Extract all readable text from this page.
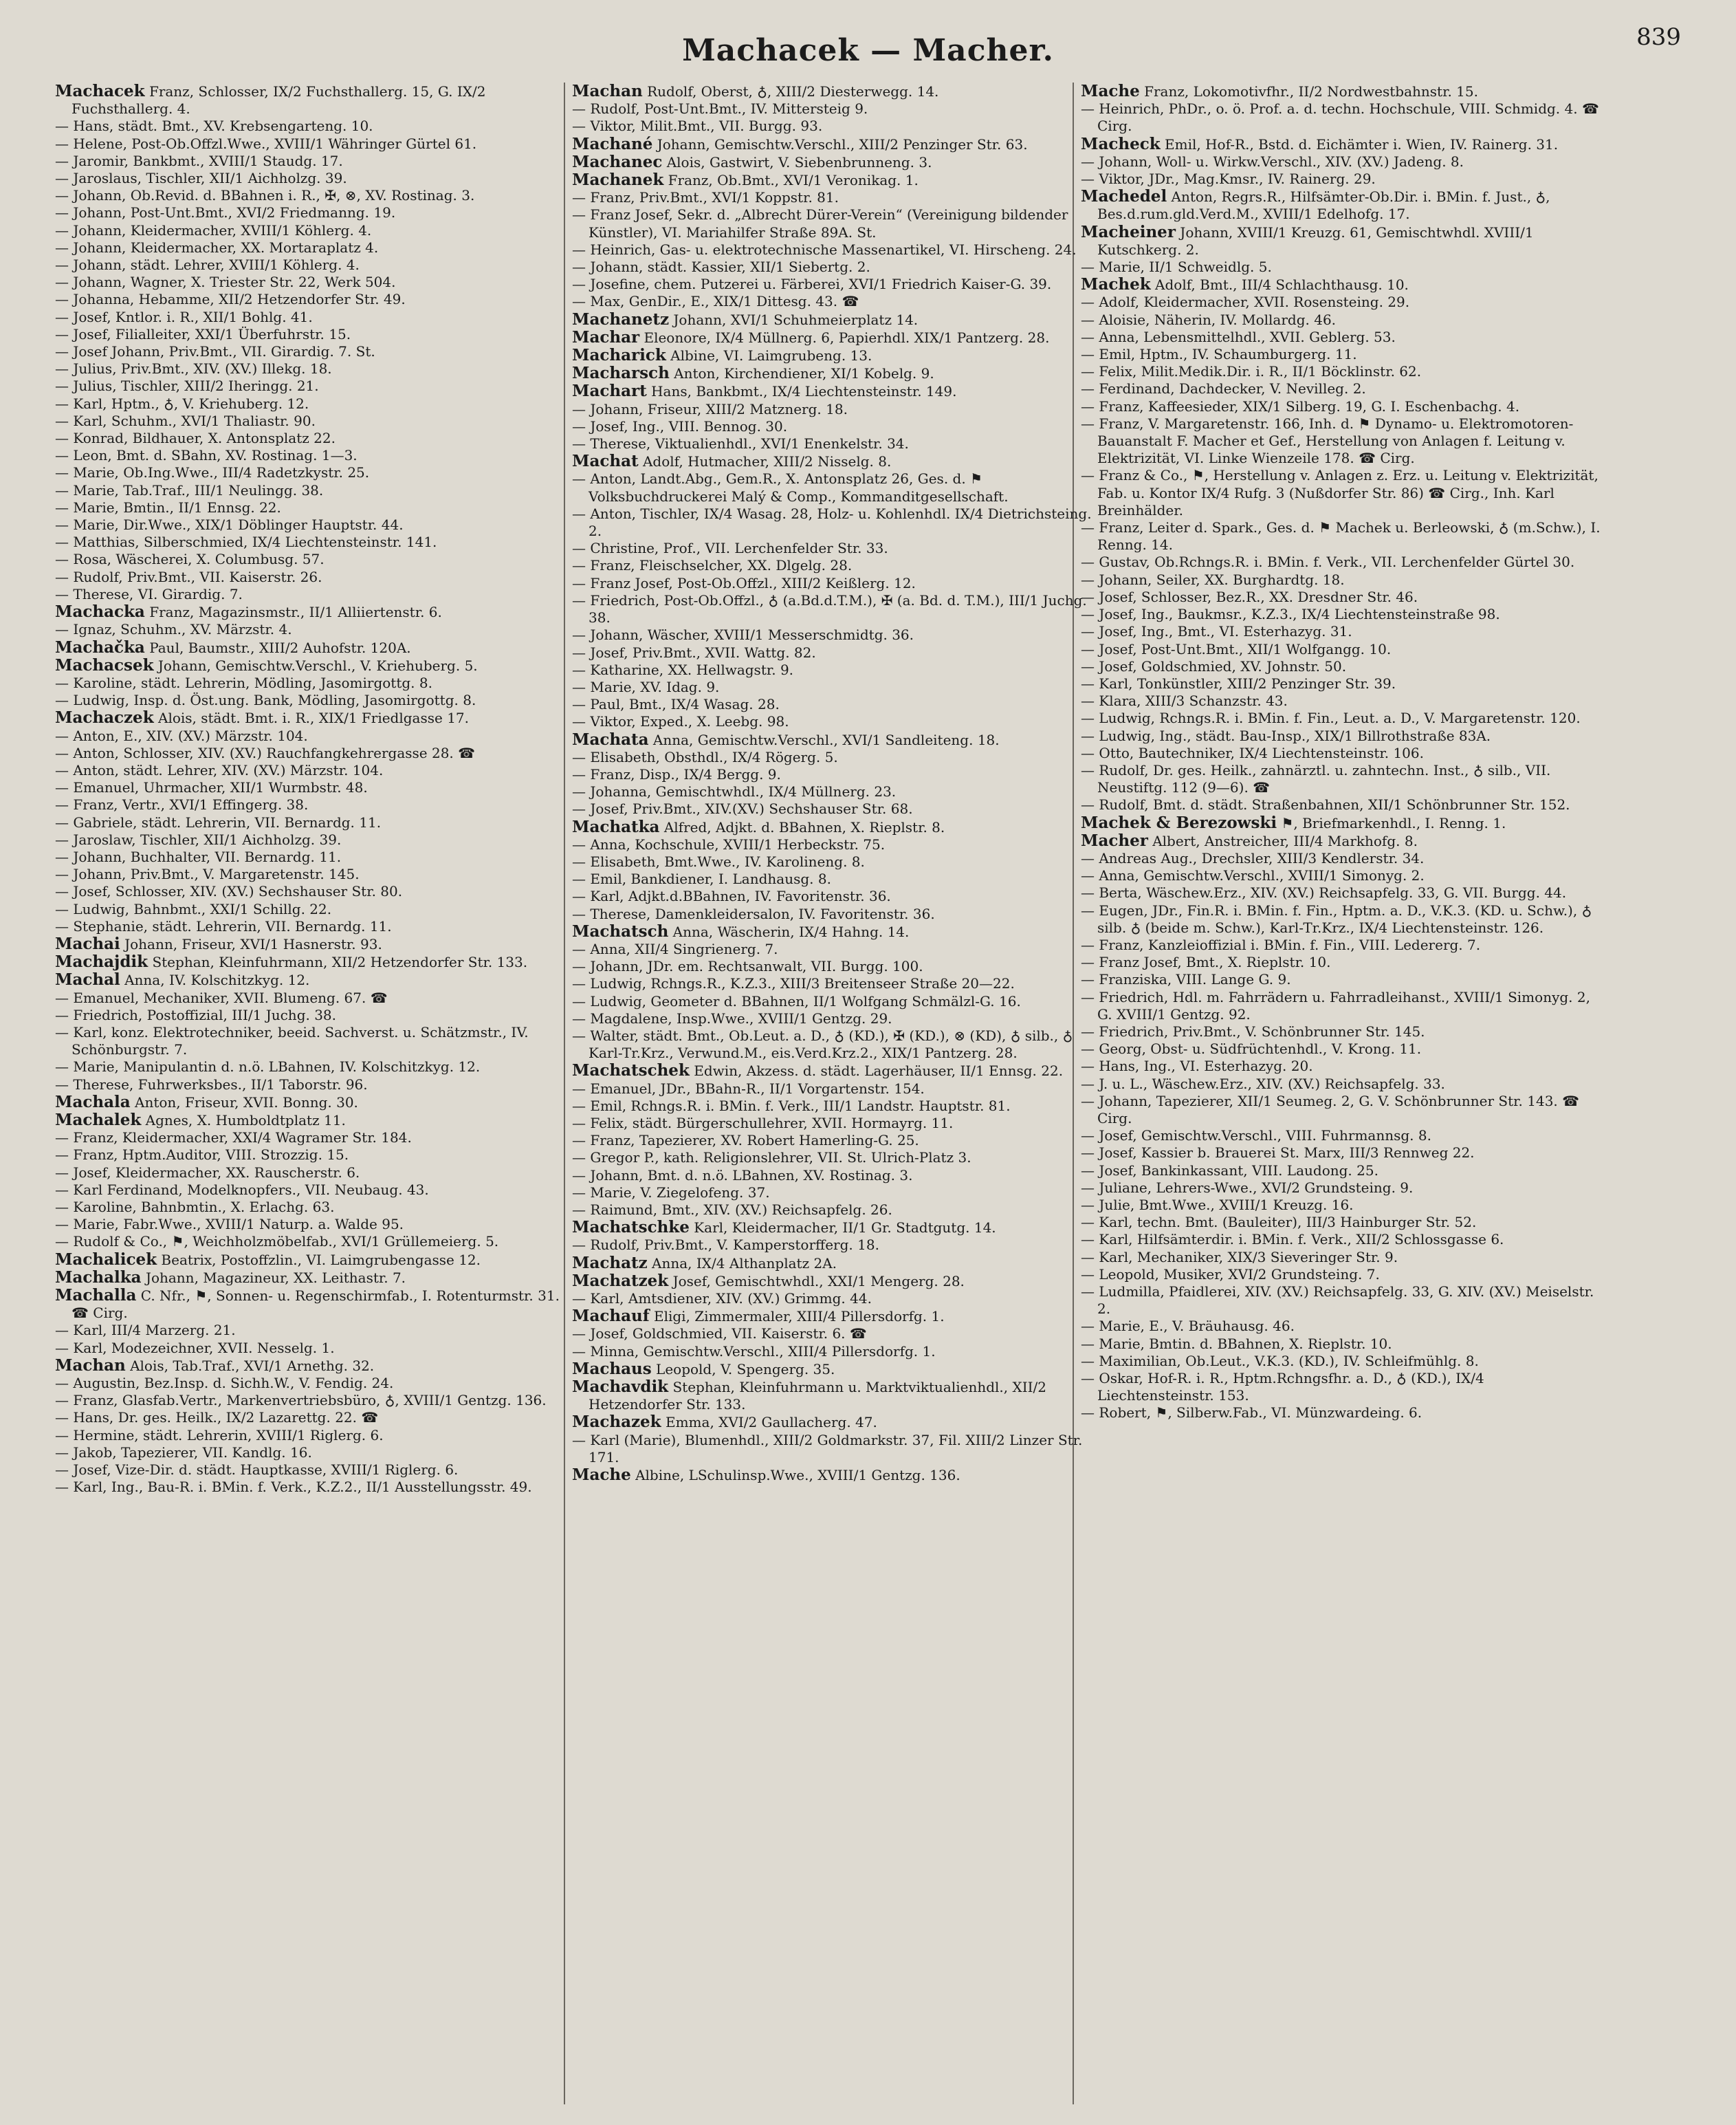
Machacek — Macher.	839

Machacek Franz, Schlosser, IX/2 Fuchsthallerg. 15, G. IX/2 Fuchsthallerg. 4.

— Hans, städt. Bmt., XV. Krebsengarteng. 10.

— Helene, Post-Ob.Offzl.Wwe., XVIII/1 Währinger Gürtel 61.

— Jaromir, Bankbmt., XVIII/1 Staudg. 17.

— Jaroslaus, Tischler, XII/1 Aichholzg. 39.

— Johann, Ob.Revid. d. BBahnen i. R., ✠, ⊗, XV. Rostinag. 3.

— Johann, Post-Unt.Bmt., XVI/2 Friedmanng. 19.

— Johann, Kleidermacher, XVIII/1 Köhlerg. 4.

— Johann, Kleidermacher, XX. Mortaraplatz 4.

— Johann, städt. Lehrer, XVIII/1 Köhlerg. 4.

— Johann, Wagner, X. Triester Str. 22, Werk 504.

— Johanna, Hebamme, XII/2 Hetzendorfer Str. 49.

— Josef, Kntlor. i. R., XII/1 Bohlg. 41.

— Josef, Filialleiter, XXI/1 Überfuhrstr. 15.

— Josef Johann, Priv.Bmt., VII. Girardig. 7. St.

— Julius, Priv.Bmt., XIV. (XV.) Illekg. 18.

— Julius, Tischler, XIII/2 Iheringg. 21.

— Karl, Hptm., ♁, V. Kriehuberg. 12.

— Karl, Schuhm., XVI/1 Thaliastr. 90.

— Konrad, Bildhauer, X. Antonsplatz 22.

— Leon, Bmt. d. SBahn, XV. Rostinag. 1—3.

— Marie, Ob.Ing.Wwe., III/4 Radetzkystr. 25.

— Marie, Tab.Traf., III/1 Neulingg. 38.

— Marie, Bmtin., II/1 Ennsg. 22.

— Marie, Dir.Wwe., XIX/1 Döblinger Hauptstr. 44.

— Matthias, Silberschmied, IX/4 Liechtensteinstr. 141.

— Rosa, Wäscherei, X. Columbusg. 57.

— Rudolf, Priv.Bmt., VII. Kaiserstr. 26.

— Therese, VI. Girardig. 7.

Machacka Franz, Magazinsmstr., II/1 Alliiertenstr. 6.

— Ignaz, Schuhm., XV. Märzstr. 4.

Machačka Paul, Baumstr., XIII/2 Auhofstr. 120A.

Machacsek Johann, Gemischtw.Verschl., V. Kriehuberg. 5.

— Karoline, städt. Lehrerin, Mödling, Jasomirgottg. 8.

— Ludwig, Insp. d. Öst.ung. Bank, Mödling, Jasomirgottg. 8.

Machaczek Alois, städt. Bmt. i. R., XIX/1 Friedlgasse 17.

— Anton, E., XIV. (XV.) Märzstr. 104.

— Anton, Schlosser, XIV. (XV.) Rauchfangkehrergasse 28. ☎

— Anton, städt. Lehrer, XIV. (XV.) Märzstr. 104.

— Emanuel, Uhrmacher, XII/1 Wurmbstr. 48.

— Franz, Vertr., XVI/1 Effingerg. 38.

— Gabriele, städt. Lehrerin, VII. Bernardg. 11.

— Jaroslaw, Tischler, XII/1 Aichholzg. 39.

— Johann, Buchhalter, VII. Bernardg. 11.

— Johann, Priv.Bmt., V. Margaretenstr. 145.

— Josef, Schlosser, XIV. (XV.) Sechshauser Str. 80.

— Ludwig, Bahnbmt., XXI/1 Schillg. 22.

— Stephanie, städt. Lehrerin, VII. Bernardg. 11.

Machai Johann, Friseur, XVI/1 Hasnerstr. 93.

Machajdik Stephan, Kleinfuhrmann, XII/2 Hetzendorfer Str. 133.

Machal Anna, IV. Kolschitzkyg. 12.

— Emanuel, Mechaniker, XVII. Blumeng. 67. ☎

— Friedrich, Postoffizial, III/1 Juchg. 38.

— Karl, konz. Elektrotechniker, beeid. Sachverst. u. Schätzmstr., IV. Schönburgstr. 7.

— Marie, Manipulantin d. n.ö. LBahnen, IV. Kolschitzkyg. 12.

— Therese, Fuhrwerksbes., II/1 Taborstr. 96.

Machala Anton, Friseur, XVII. Bonng. 30.

Machalek Agnes, X. Humboldtplatz 11.

— Franz, Kleidermacher, XXI/4 Wagramer Str. 184.

— Franz, Hptm.Auditor, VIII. Strozzig. 15.

— Josef, Kleidermacher, XX. Rauscherstr. 6.

— Karl Ferdinand, Modelknopfers., VII. Neubaug. 43.

— Karoline, Bahnbmtin., X. Erlachg. 63.

— Marie, Fabr.Wwe., XVIII/1 Naturp. a. Walde 95.

— Rudolf & Co., ⚑, Weichholzmöbelfab., XVI/1 Grüllemeierg. 5.

Machalicek Beatrix, Postoffzlin., VI. Laimgrubengasse 12.

Machalka Johann, Magazineur, XX. Leithastr. 7.

Machalla C. Nfr., ⚑, Sonnen- u. Regenschirmfab., I. Rotenturmstr. 31. ☎ Cirg.

— Karl, III/4 Marzerg. 21.

— Karl, Modezeichner, XVII. Nesselg. 1.

Machan Alois, Tab.Traf., XVI/1 Arnethg. 32.

— Augustin, Bez.Insp. d. Sichh.W., V. Fendig. 24.

— Franz, Glasfab.Vertr., Markenvertriebsbüro, ♁, XVIII/1 Gentzg. 136.

— Hans, Dr. ges. Heilk., IX/2 Lazarettg. 22. ☎

— Hermine, städt. Lehrerin, XVIII/1 Riglerg. 6.

— Jakob, Tapezierer, VII. Kandlg. 16.

— Josef, Vize-Dir. d. städt. Hauptkasse, XVIII/1 Riglerg. 6.

— Karl, Ing., Bau-R. i. BMin. f. Verk., K.Z.2., II/1 Ausstellungsstr. 49.

Machan Rudolf, Oberst, ♁, XIII/2 Diesterwegg. 14.

— Rudolf, Post-Unt.Bmt., IV. Mittersteig 9.

— Viktor, Milit.Bmt., VII. Burgg. 93.

Machané Johann, Gemischtw.Verschl., XIII/2 Penzinger Str. 63.

Machanec Alois, Gastwirt, V. Siebenbrunneng. 3.

Machanek Franz, Ob.Bmt., XVI/1 Veronikag. 1.

— Franz, Priv.Bmt., XVI/1 Koppstr. 81.

— Franz Josef, Sekr. d. „Albrecht Dürer-Verein“ (Vereinigung bildender Künstler), VI. Mariahilfer Straße 89A. St.

— Heinrich, Gas- u. elektrotechnische Massenartikel, VI. Hirscheng. 24.

— Johann, städt. Kassier, XII/1 Siebertg. 2.

— Josefine, chem. Putzerei u. Färberei, XVI/1 Friedrich Kaiser-G. 39.

— Max, GenDir., E., XIX/1 Dittesg. 43. ☎

Machanetz Johann, XVI/1 Schuhmeierplatz 14.

Machar Eleonore, IX/4 Müllnerg. 6, Papierhdl. XIX/1 Pantzerg. 28.

Macharick Albine, VI. Laimgrubeng. 13.

Macharsch Anton, Kirchendiener, XI/1 Kobelg. 9.

Machart Hans, Bankbmt., IX/4 Liechtensteinstr. 149.

— Johann, Friseur, XIII/2 Matznerg. 18.

— Josef, Ing., VIII. Bennog. 30.

— Therese, Viktualienhdl., XVI/1 Enenkelstr. 34.

Machat Adolf, Hutmacher, XIII/2 Nisselg. 8.

— Anton, Landt.Abg., Gem.R., X. Antonsplatz 26, Ges. d. ⚑ Volksbuchdruckerei Malý & Comp., Kommanditgesellschaft.

— Anton, Tischler, IX/4 Wasag. 28, Holz- u. Kohlenhdl. IX/4 Dietrichsteing. 2.

— Christine, Prof., VII. Lerchenfelder Str. 33.

— Franz, Fleischselcher, XX. Dlgelg. 28.

— Franz Josef, Post-Ob.Offzl., XIII/2 Keißlerg. 12.

— Friedrich, Post-Ob.Offzl., ♁ (a.Bd.d.T.M.), ✠ (a. Bd. d. T.M.), III/1 Juchg. 38.

— Johann, Wäscher, XVIII/1 Messerschmidtg. 36.

— Josef, Priv.Bmt., XVII. Wattg. 82.

— Katharine, XX. Hellwagstr. 9.

— Marie, XV. Idag. 9.

— Paul, Bmt., IX/4 Wasag. 28.

— Viktor, Exped., X. Leebg. 98.

Machata Anna, Gemischtw.Verschl., XVI/1 Sandleiteng. 18.

— Elisabeth, Obsthdl., IX/4 Rögerg. 5.

— Franz, Disp., IX/4 Bergg. 9.

— Johanna, Gemischtwhdl., IX/4 Müllnerg. 23.

— Josef, Priv.Bmt., XIV.(XV.) Sechshauser Str. 68.

Machatka Alfred, Adjkt. d. BBahnen, X. Rieplstr. 8.

— Anna, Kochschule, XVIII/1 Herbeckstr. 75.

— Elisabeth, Bmt.Wwe., IV. Karolineng. 8.

— Emil, Bankdiener, I. Landhausg. 8.

— Karl, Adjkt.d.BBahnen, IV. Favoritenstr. 36.

— Therese, Damenkleidersalon, IV. Favoritenstr. 36.

Machatsch Anna, Wäscherin, IX/4 Hahng. 14.

— Anna, XII/4 Singrienerg. 7.

— Johann, JDr. em. Rechtsanwalt, VII. Burgg. 100.

— Ludwig, Rchngs.R., K.Z.3., XIII/3 Breitenseer Straße 20—22.

— Ludwig, Geometer d. BBahnen, II/1 Wolfgang Schmälzl-G. 16.

— Magdalene, Insp.Wwe., XVIII/1 Gentzg. 29.

— Walter, städt. Bmt., Ob.Leut. a. D., ♁ (KD.), ✠ (KD.), ⊗ (KD), ♁ silb., ♁ Karl-Tr.Krz., Verwund.M., eis.Verd.Krz.2., XIX/1 Pantzerg. 28.

Machatschek Edwin, Akzess. d. städt. Lagerhäuser, II/1 Ennsg. 22.

— Emanuel, JDr., BBahn-R., II/1 Vorgartenstr. 154.

— Emil, Rchngs.R. i. BMin. f. Verk., III/1 Landstr. Hauptstr. 81.

— Felix, städt. Bürgerschullehrer, XVII. Hormayrg. 11.

— Franz, Tapezierer, XV. Robert Hamerling-G. 25.

— Gregor P., kath. Religionslehrer, VII. St. Ulrich-Platz 3.

— Johann, Bmt. d. n.ö. LBahnen, XV. Rostinag. 3.

— Marie, V. Ziegelofeng. 37.

— Raimund, Bmt., XIV. (XV.) Reichsapfelg. 26.

Machatschke Karl, Kleidermacher, II/1 Gr. Stadtgutg. 14.

— Rudolf, Priv.Bmt., V. Kamperstorfferg. 18.

Machatz Anna, IX/4 Althanplatz 2A.

Machatzek Josef, Gemischtwhdl., XXI/1 Mengerg. 28.

— Karl, Amtsdiener, XIV. (XV.) Grimmg. 44.

Machauf Eligi, Zimmermaler, XIII/4 Pillersdorfg. 1.

— Josef, Goldschmied, VII. Kaiserstr. 6. ☎

— Minna, Gemischtw.Verschl., XIII/4 Pillersdorfg. 1.

Machaus Leopold, V. Spengerg. 35.

Machavdik Stephan, Kleinfuhrmann u. Marktviktualienhdl., XII/2 Hetzendorfer Str. 133.

Machazek Emma, XVI/2 Gaullacherg. 47.

— Karl (Marie), Blumenhdl., XIII/2 Goldmarkstr. 37, Fil. XIII/2 Linzer Str. 171.

Mache Albine, LSchulinsp.Wwe., XVIII/1 Gentzg. 136.

Mache Franz, Lokomotivfhr., II/2 Nordwestbahnstr. 15.

— Heinrich, PhDr., o. ö. Prof. a. d. techn. Hochschule, VIII. Schmidg. 4. ☎ Cirg.

Macheck Emil, Hof-R., Bstd. d. Eichämter i. Wien, IV. Rainerg. 31.

— Johann, Woll- u. Wirkw.Verschl., XIV. (XV.) Jadeng. 8.

— Viktor, JDr., Mag.Kmsr., IV. Rainerg. 29.

Machedel Anton, Regrs.R., Hilfsämter-Ob.Dir. i. BMin. f. Just., ♁, Bes.d.rum.gld.Verd.M., XVIII/1 Edelhofg. 17.

Macheiner Johann, XVIII/1 Kreuzg. 61, Gemischtwhdl. XVIII/1 Kutschkerg. 2.

— Marie, II/1 Schweidlg. 5.

Machek Adolf, Bmt., III/4 Schlachthausg. 10.

— Adolf, Kleidermacher, XVII. Rosensteing. 29.

— Aloisie, Näherin, IV. Mollardg. 46.

— Anna, Lebensmittelhdl., XVII. Geblerg. 53.

— Emil, Hptm., IV. Schaumburgerg. 11.

— Felix, Milit.Medik.Dir. i. R., II/1 Böcklinstr. 62.

— Ferdinand, Dachdecker, V. Nevilleg. 2.

— Franz, Kaffeesieder, XIX/1 Silberg. 19, G. I. Eschenbachg. 4.

— Franz, V. Margaretenstr. 166, Inh. d. ⚑ Dynamo- u. Elektromotoren-Bauanstalt F. Macher et Gef., Herstellung von Anlagen f. Leitung v. Elektrizität, VI. Linke Wienzeile 178. ☎ Cirg.

— Franz & Co., ⚑, Herstellung v. Anlagen z. Erz. u. Leitung v. Elektrizität, Fab. u. Kontor IX/4 Rufg. 3 (Nußdorfer Str. 86) ☎ Cirg., Inh. Karl Breinhälder.

— Franz, Leiter d. Spark., Ges. d. ⚑ Machek u. Berleowski, ♁ (m.Schw.), I. Renng. 14.

— Gustav, Ob.Rchngs.R. i. BMin. f. Verk., VII. Lerchenfelder Gürtel 30.

— Johann, Seiler, XX. Burghardtg. 18.

— Josef, Schlosser, Bez.R., XX. Dresdner Str. 46.

— Josef, Ing., Baukmsr., K.Z.3., IX/4 Liechtensteinstraße 98.

— Josef, Ing., Bmt., VI. Esterhazyg. 31.

— Josef, Post-Unt.Bmt., XII/1 Wolfgangg. 10.

— Josef, Goldschmied, XV. Johnstr. 50.

— Karl, Tonkünstler, XIII/2 Penzinger Str. 39.

— Klara, XIII/3 Schanzstr. 43.

— Ludwig, Rchngs.R. i. BMin. f. Fin., Leut. a. D., V. Margaretenstr. 120.

— Ludwig, Ing., städt. Bau-Insp., XIX/1 Billrothstraße 83A.

— Otto, Bautechniker, IX/4 Liechtensteinstr. 106.

— Rudolf, Dr. ges. Heilk., zahnärztl. u. zahntechn. Inst., ♁ silb., VII. Neustiftg. 112 (9—6). ☎

— Rudolf, Bmt. d. städt. Straßenbahnen, XII/1 Schönbrunner Str. 152.

Machek & Berezowski ⚑, Briefmarkenhdl., I. Renng. 1.

Macher Albert, Anstreicher, III/4 Markhofg. 8.

— Andreas Aug., Drechsler, XIII/3 Kendlerstr. 34.

— Anna, Gemischtw.Verschl., XVIII/1 Simonyg. 2.

— Berta, Wäschew.Erz., XIV. (XV.) Reichsapfelg. 33, G. VII. Burgg. 44.

— Eugen, JDr., Fin.R. i. BMin. f. Fin., Hptm. a. D., V.K.3. (KD. u. Schw.), ♁ silb. ♁ (beide m. Schw.), Karl-Tr.Krz., IX/4 Liechtensteinstr. 126.

— Franz, Kanzleioffizial i. BMin. f. Fin., VIII. Ledererg. 7.

— Franz Josef, Bmt., X. Rieplstr. 10.

— Franziska, VIII. Lange G. 9.

— Friedrich, Hdl. m. Fahrrädern u. Fahrradleihanst., XVIII/1 Simonyg. 2, G. XVIII/1 Gentzg. 92.

— Friedrich, Priv.Bmt., V. Schönbrunner Str. 145.

— Georg, Obst- u. Südfrüchtenhdl., V. Krong. 11.

— Hans, Ing., VI. Esterhazyg. 20.

— J. u. L., Wäschew.Erz., XIV. (XV.) Reichsapfelg. 33.

— Johann, Tapezierer, XII/1 Seumeg. 2, G. V. Schönbrunner Str. 143. ☎ Cirg.

— Josef, Gemischtw.Verschl., VIII. Fuhrmannsg. 8.

— Josef, Kassier b. Brauerei St. Marx, III/3 Rennweg 22.

— Josef, Bankinkassant, VIII. Laudong. 25.

— Juliane, Lehrers-Wwe., XVI/2 Grundsteing. 9.

— Julie, Bmt.Wwe., XVIII/1 Kreuzg. 16.

— Karl, techn. Bmt. (Bauleiter), III/3 Hainburger Str. 52.

— Karl, Hilfsämterdir. i. BMin. f. Verk., XII/2 Schlossgasse 6.

— Karl, Mechaniker, XIX/3 Sieveringer Str. 9.

— Leopold, Musiker, XVI/2 Grundsteing. 7.

— Ludmilla, Pfaidlerei, XIV. (XV.) Reichsapfelg. 33, G. XIV. (XV.) Meiselstr. 2.

— Marie, E., V. Bräuhausg. 46.

— Marie, Bmtin. d. BBahnen, X. Rieplstr. 10.

— Maximilian, Ob.Leut., V.K.3. (KD.), IV. Schleifmühlg. 8.

— Oskar, Hof-R. i. R., Hptm.Rchngsfhr. a. D., ♁ (KD.), IX/4 Liechtensteinstr. 153.

— Robert, ⚑, Silberw.Fab., VI. Münzwardeing. 6.
